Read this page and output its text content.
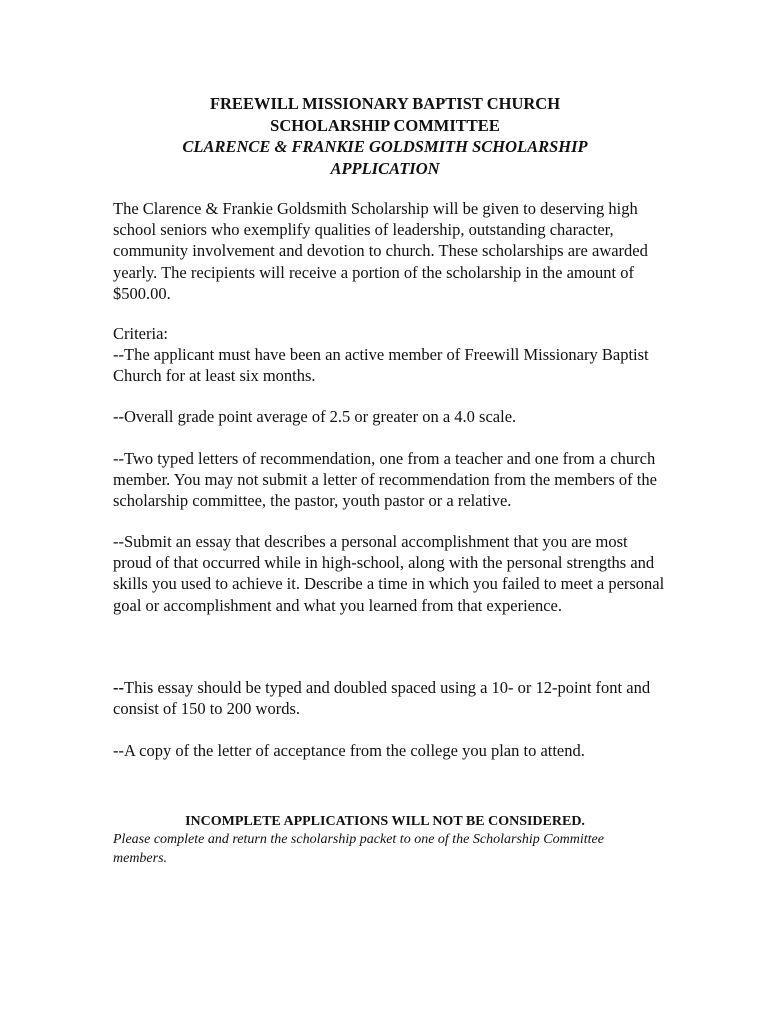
FREEWILL MISSIONARY BAPTIST CHURCH
SCHOLARSHIP COMMITTEE
CLARENCE & FRANKIE GOLDSMITH SCHOLARSHIP
APPLICATION
The Clarence & Frankie Goldsmith Scholarship will be given to deserving high school seniors who exemplify qualities of leadership, outstanding character, community involvement and devotion to church. These scholarships are awarded yearly. The recipients will receive a portion of the scholarship in the amount of $500.00.
Criteria:
--The applicant must have been an active member of Freewill Missionary Baptist Church for at least six months.
--Overall grade point average of 2.5 or greater on a 4.0 scale.
--Two typed letters of recommendation, one from a teacher and one from a church member. You may not submit a letter of recommendation from the members of the scholarship committee, the pastor, youth pastor or a relative.
--Submit an essay that describes a personal accomplishment that you are most proud of that occurred while in high-school, along with the personal strengths and skills you used to achieve it. Describe a time in which you failed to meet a personal goal or accomplishment and what you learned from that experience.
--This essay should be typed and doubled spaced using a 10- or 12-point font and consist of 150 to 200 words.
--A copy of the letter of acceptance from the college you plan to attend.
INCOMPLETE APPLICATIONS WILL NOT BE CONSIDERED.
Please complete and return the scholarship packet to one of the Scholarship Committee members.
